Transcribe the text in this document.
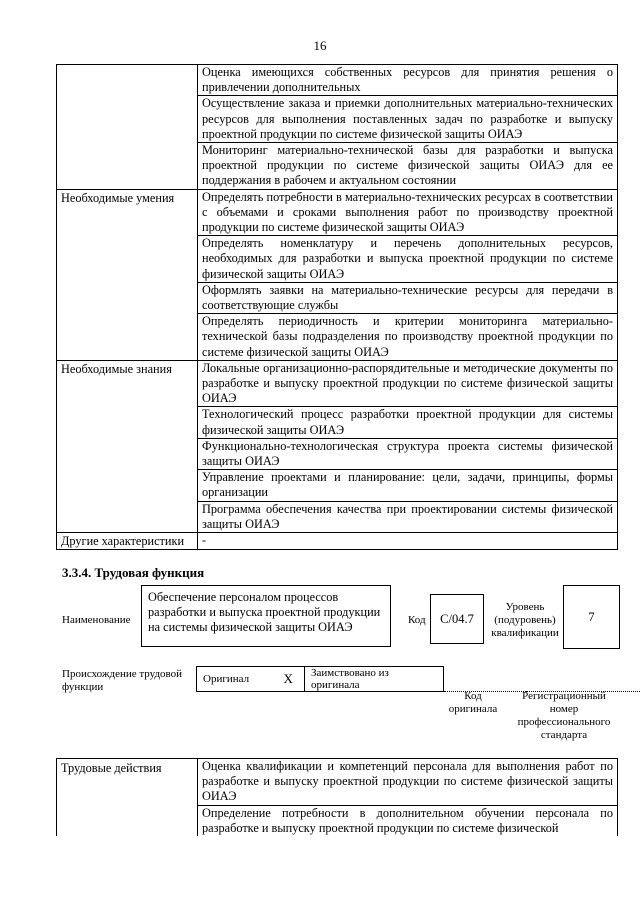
16
	Оценка имеющихся собственных ресурсов для принятия решения о привлечении дополнительных
	Осуществление заказа и приемки дополнительных материально-технических ресурсов для выполнения поставленных задач по разработке и выпуску проектной продукции по системе физической защиты ОИАЭ
	Мониторинг материально-технической базы для разработки и выпуска проектной продукции по системе физической защиты ОИАЭ для ее поддержания в рабочем и актуальном состоянии
Необходимые умения	Определять потребности в материально-технических ресурсах в соответствии с объемами и сроками выполнения работ по производству проектной продукции по системе физической защиты ОИАЭ
	Определять номенклатуру и перечень дополнительных ресурсов, необходимых для разработки и выпуска проектной продукции по системе физической защиты ОИАЭ
	Оформлять заявки на материально-технические ресурсы для передачи в соответствующие службы
	Определять периодичность и критерии мониторинга материально-технической базы подразделения по производству проектной продукции по системе физической защиты ОИАЭ
Необходимые знания	Локальные организационно-распорядительные и методические документы по разработке и выпуску проектной продукции по системе физической защиты ОИАЭ
	Технологический процесс разработки проектной продукции для системы физической защиты ОИАЭ
	Функционально-технологическая структура проекта системы физической защиты ОИАЭ
	Управление проектами и планирование: цели, задачи, принципы, формы организации
	Программа обеспечения качества при проектировании системы физической защиты ОИАЭ
Другие характеристики	-
3.3.4. Трудовая функция
Наименование
Обеспечение персоналом процессов разработки и выпуска проектной продукции на системы физической защиты ОИАЭ	Код	C/04.7
Уровень (подуровень) квалификации
7
Происхождение трудовой функции
Оригинал	X	Заимствовано из оригинала		
Код оригинала
Регистрационный номер профессионального стандарта
Трудовые действия	Оценка квалификации и компетенций персонала для выполнения работ по разработке и выпуску проектной продукции по системе физической защиты ОИАЭ
	Определение потребности в дополнительном обучении персонала по разработке и выпуску проектной продукции по системе физической
